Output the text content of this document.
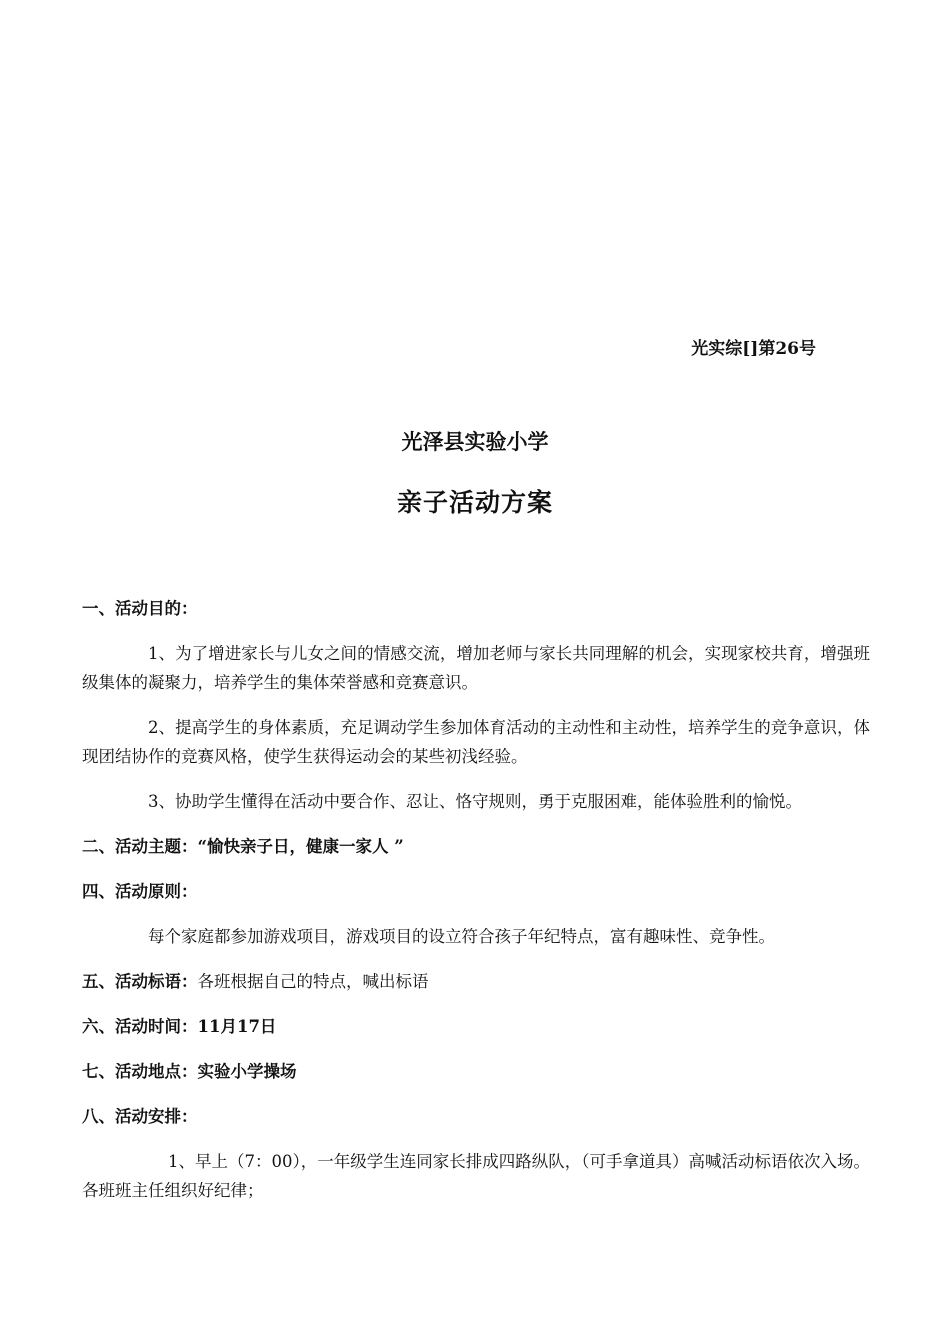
光实综[]第26号
光泽县实验小学
亲子活动方案
一、活动目的：
1、为了增进家长与儿女之间的情感交流，增加老师与家长共同理解的机会，实现家校共育，增强班级集体的凝聚力，培养学生的集体荣誉感和竞赛意识。
2、提高学生的身体素质，充足调动学生参加体育活动的主动性和主动性，培养学生的竞争意识，体现团结协作的竞赛风格，使学生获得运动会的某些初浅经验。
3、协助学生懂得在活动中要合作、忍让、恪守规则，勇于克服困难，能体验胜利的愉悦。
二、活动主题：“愉快亲子日，健康一家人 ”
四、活动原则：
每个家庭都参加游戏项目，游戏项目的设立符合孩子年纪特点，富有趣味性、竞争性。
五、活动标语：各班根据自己的特点，喊出标语
六、活动时间：11月17日
七、活动地点：实验小学操场
八、活动安排：
1、早上（7：00），一年级学生连同家长排成四路纵队，（可手拿道具）高喊活动标语依次入场。各班班主任组织好纪律；
